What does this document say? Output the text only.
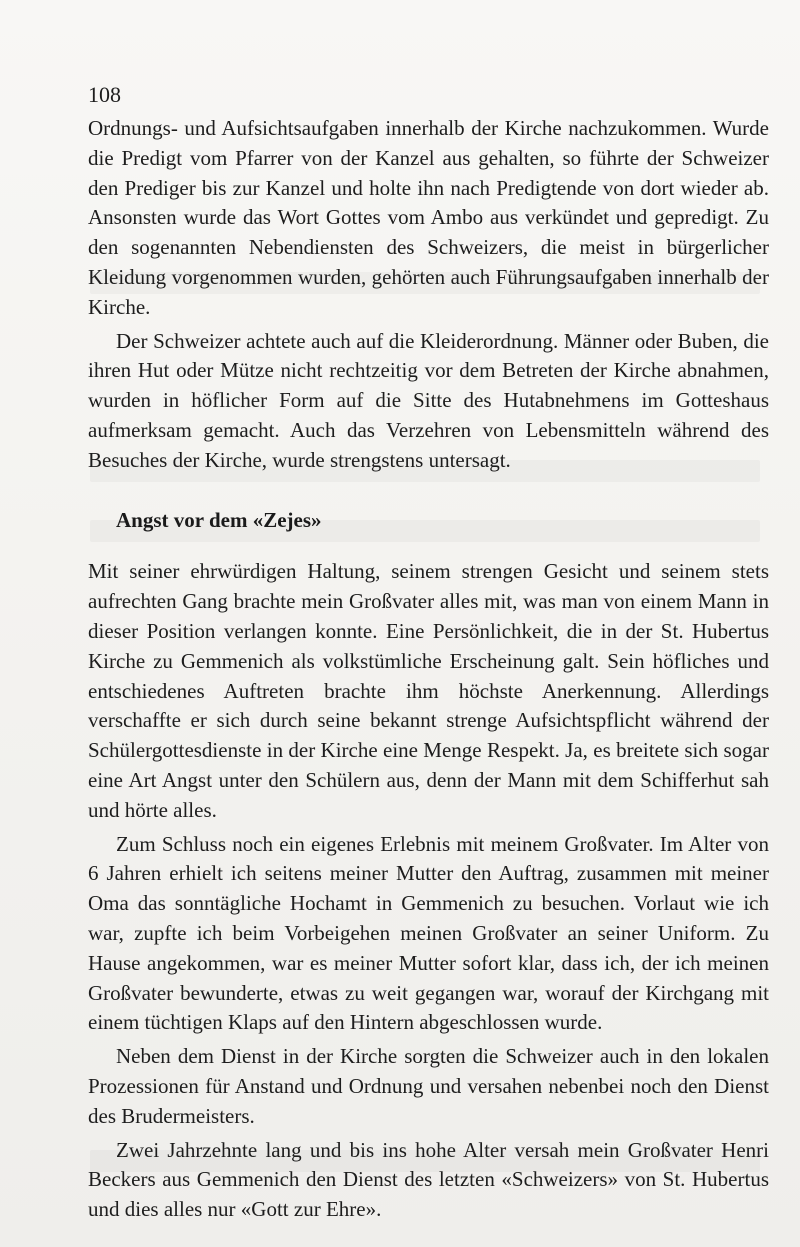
108

Ordnungs- und Aufsichtsaufgaben innerhalb der Kirche nachzukommen. Wurde die Predigt vom Pfarrer von der Kanzel aus gehalten, so führte der Schweizer den Prediger bis zur Kanzel und holte ihn nach Predigtende von dort wieder ab. Ansonsten wurde das Wort Gottes vom Ambo aus verkündet und gepredigt. Zu den sogenannten Nebendiensten des Schweizers, die meist in bürgerlicher Kleidung vorgenommen wurden, gehörten auch Führungsaufgaben innerhalb der Kirche.

Der Schweizer achtete auch auf die Kleiderordnung. Männer oder Buben, die ihren Hut oder Mütze nicht rechtzeitig vor dem Betreten der Kirche abnahmen, wurden in höflicher Form auf die Sitte des Hutabnehmens im Gotteshaus aufmerksam gemacht. Auch das Verzehren von Lebensmitteln während des Besuches der Kirche, wurde strengstens untersagt.

Angst vor dem «Zejes»

Mit seiner ehrwürdigen Haltung, seinem strengen Gesicht und seinem stets aufrechten Gang brachte mein Großvater alles mit, was man von einem Mann in dieser Position verlangen konnte. Eine Persönlichkeit, die in der St. Hubertus Kirche zu Gemmenich als volkstümliche Erscheinung galt. Sein höfliches und entschiedenes Auftreten brachte ihm höchste Anerkennung. Allerdings verschaffte er sich durch seine bekannt strenge Aufsichtspflicht während der Schülergottesdienste in der Kirche eine Menge Respekt. Ja, es breitete sich sogar eine Art Angst unter den Schülern aus, denn der Mann mit dem Schifferhut sah und hörte alles.

Zum Schluss noch ein eigenes Erlebnis mit meinem Großvater. Im Alter von 6 Jahren erhielt ich seitens meiner Mutter den Auftrag, zusammen mit meiner Oma das sonntägliche Hochamt in Gemmenich zu besuchen. Vorlaut wie ich war, zupfte ich beim Vorbeigehen meinen Großvater an seiner Uniform. Zu Hause angekommen, war es meiner Mutter sofort klar, dass ich, der ich meinen Großvater bewunderte, etwas zu weit gegangen war, worauf der Kirchgang mit einem tüchtigen Klaps auf den Hintern abgeschlossen wurde.

Neben dem Dienst in der Kirche sorgten die Schweizer auch in den lokalen Prozessionen für Anstand und Ordnung und versahen nebenbei noch den Dienst des Brudermeisters.

Zwei Jahrzehnte lang und bis ins hohe Alter versah mein Großvater Henri Beckers aus Gemmenich den Dienst des letzten «Schweizers» von St. Hubertus und dies alles nur «Gott zur Ehre».
